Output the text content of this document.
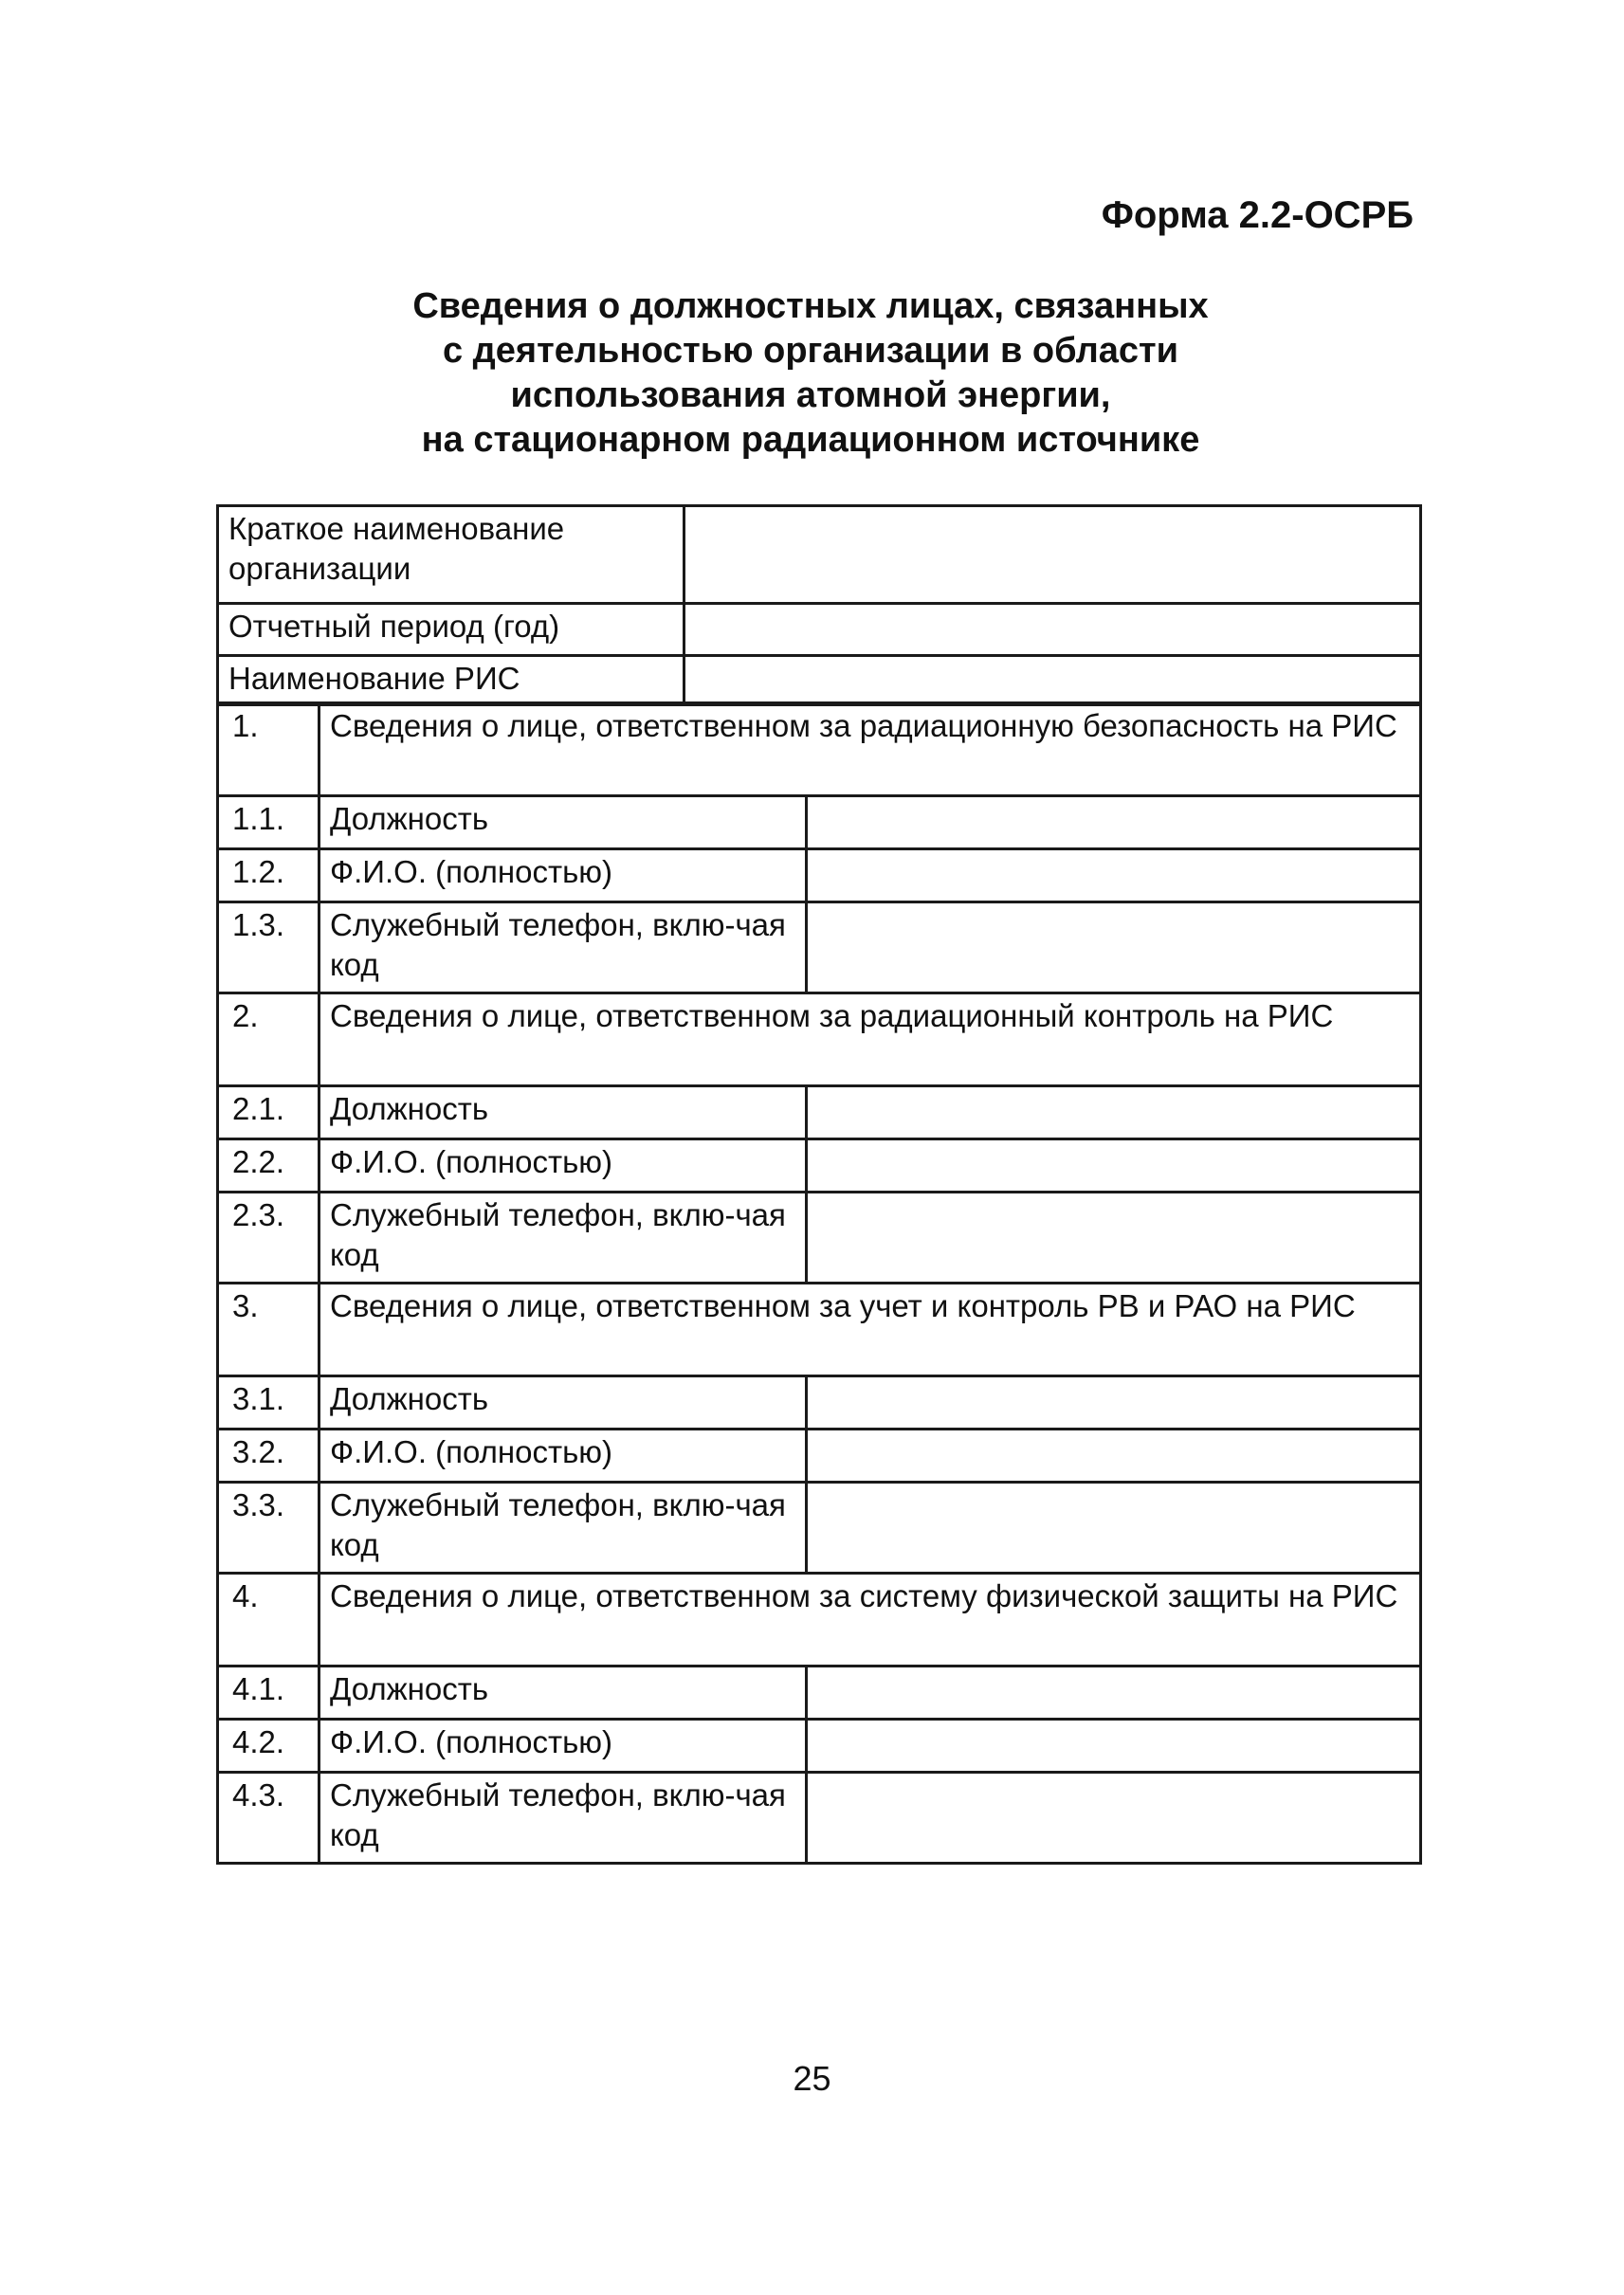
Форма 2.2-ОСРБ
Сведения о должностных лицах, связанных
с деятельностью организации в области
использования атомной энергии,
на стационарном радиационном источнике
Краткое наименование организации	
Отчетный период (год)	
Наименование РИС	
1.	Сведения о лице, ответственном за радиационную безопасность на РИС	
1.1.	Должность	
1.2.	Ф.И.О. (полностью)	
1.3.	Служебный телефон, вклю-чая код	
2.	Сведения о лице, ответственном за радиационный контроль на РИС	
2.1.	Должность	
2.2.	Ф.И.О. (полностью)	
2.3.	Служебный телефон, вклю-чая код	
3.	Сведения о лице, ответственном за учет и контроль РВ и РАО на РИС	
3.1.	Должность	
3.2.	Ф.И.О. (полностью)	
3.3.	Служебный телефон, вклю-чая код	
4.	Сведения о лице, ответственном за систему физической защиты на РИС	
4.1.	Должность	
4.2.	Ф.И.О. (полностью)	
4.3.	Служебный телефон, вклю-чая код	
25
